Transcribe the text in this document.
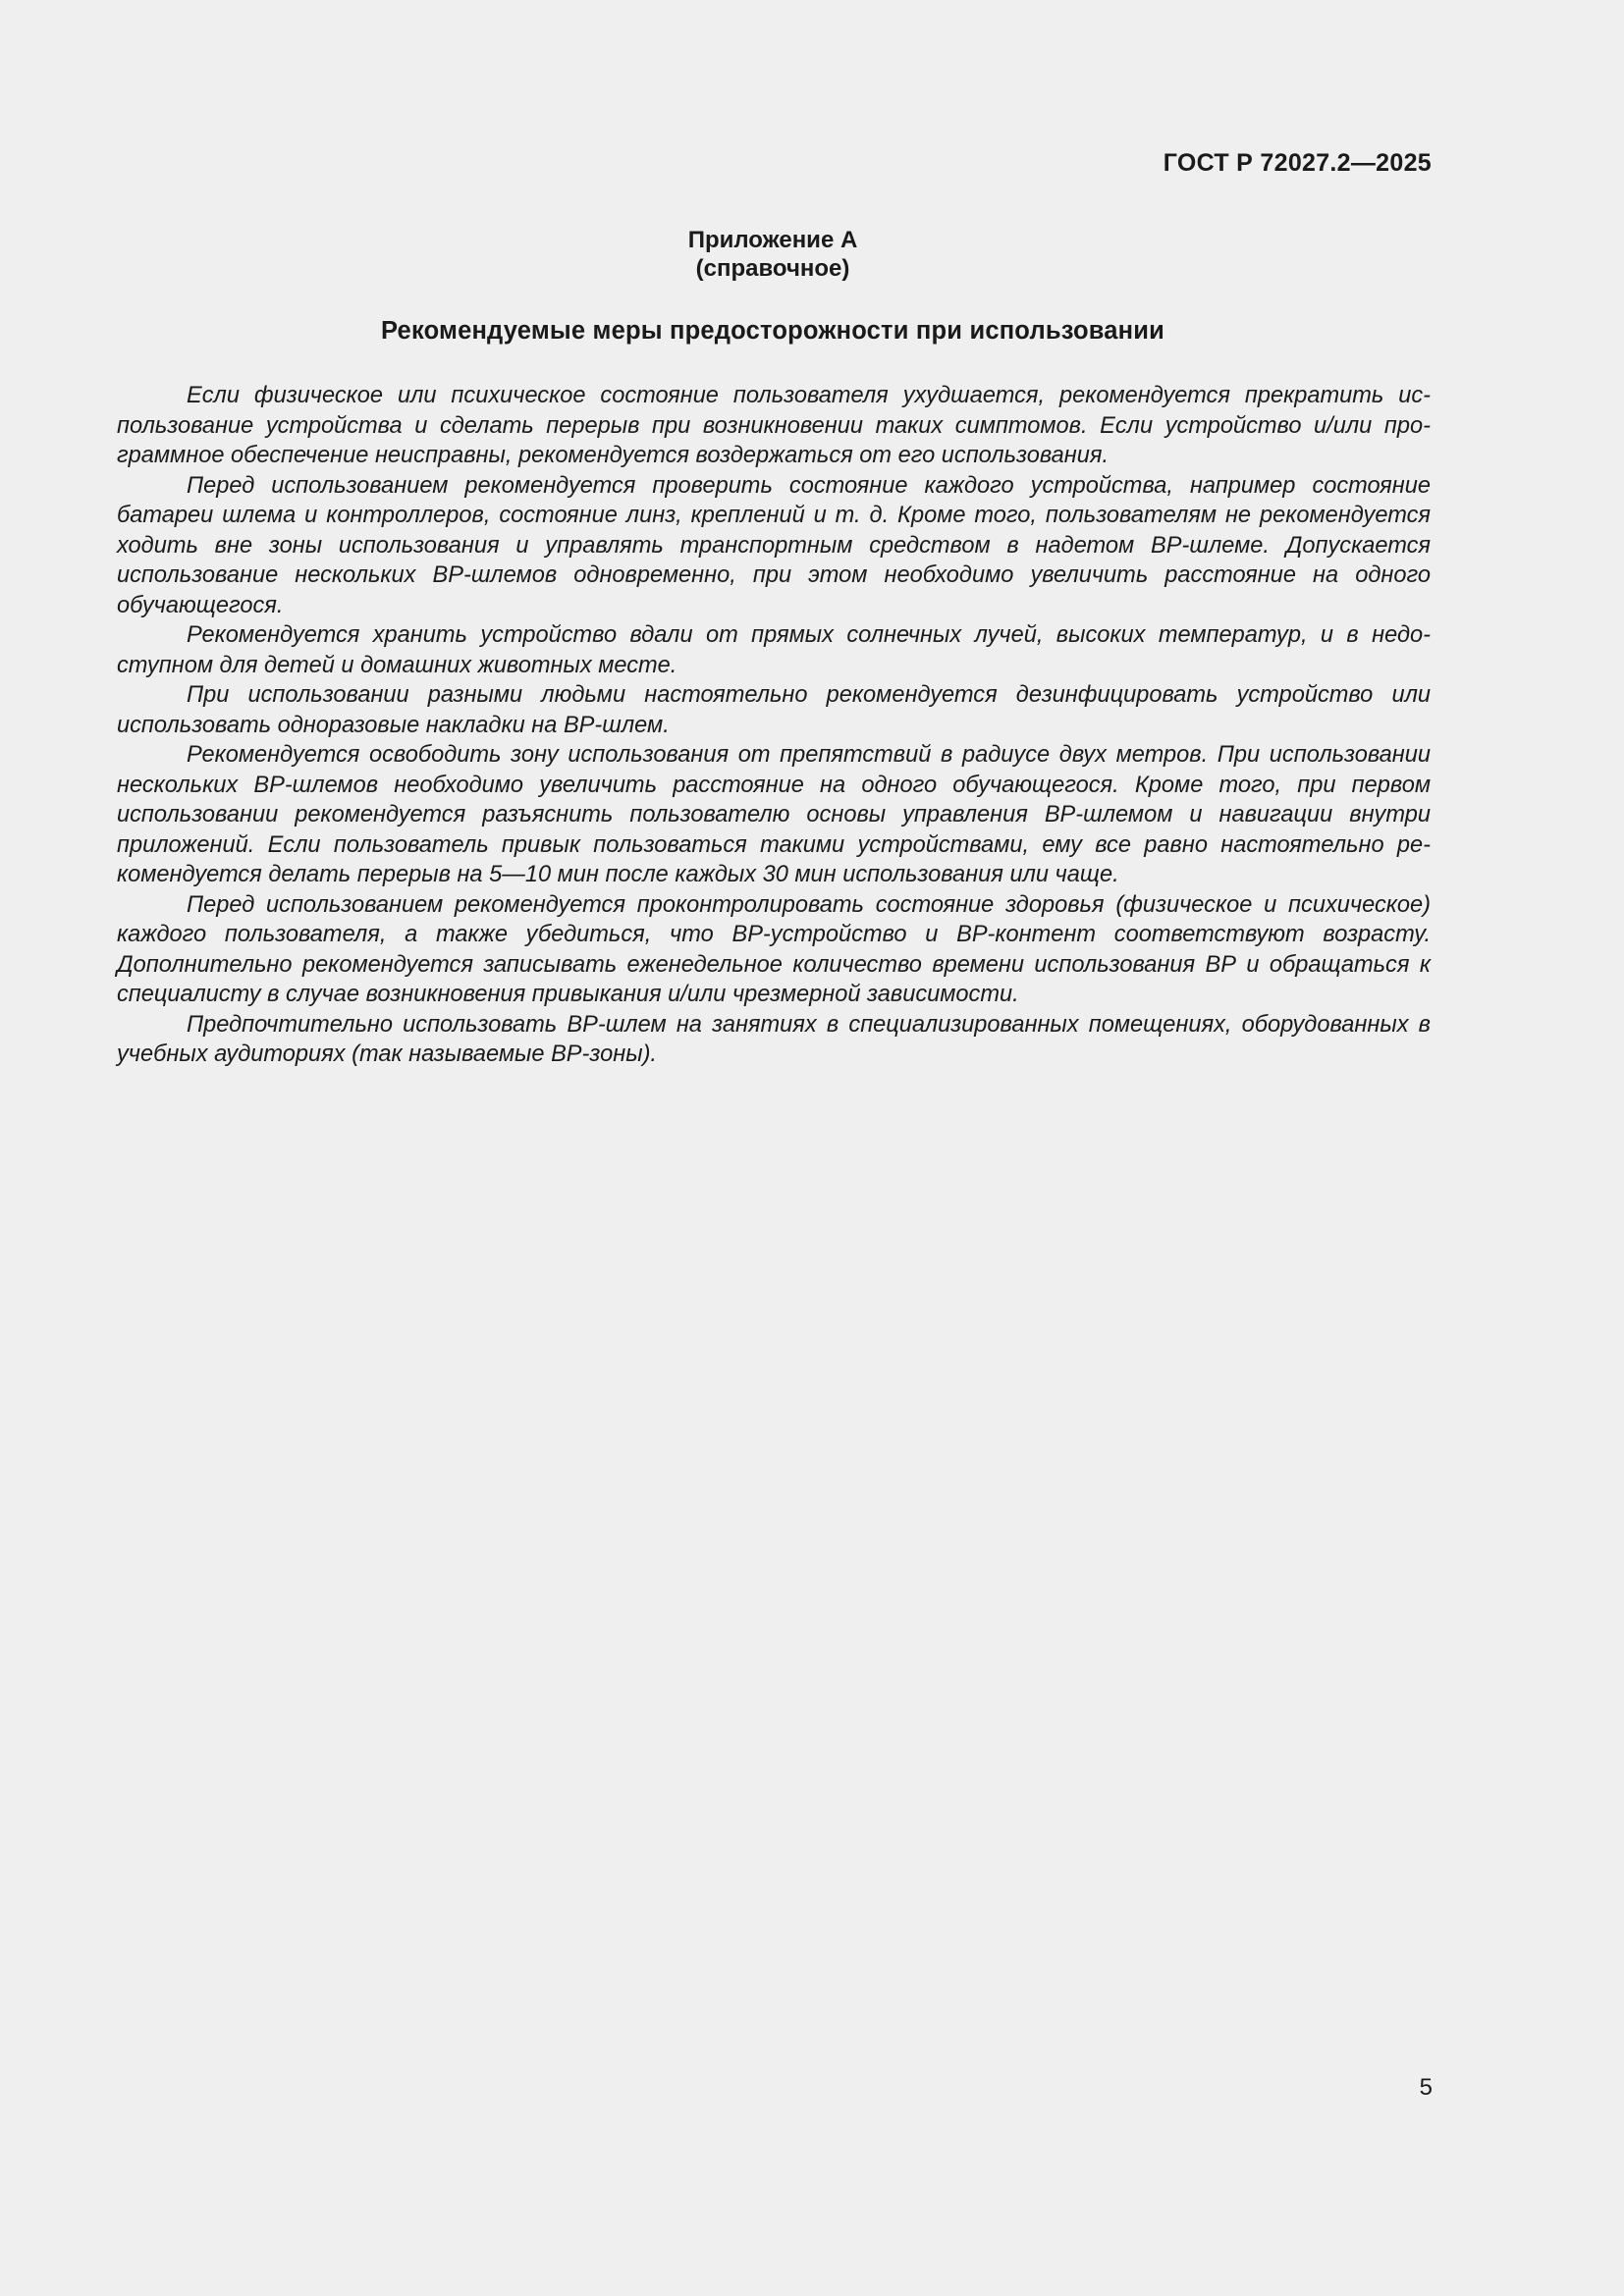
ГОСТ Р 72027.2—2025

Приложение А
(справочное)
Рекомендуемые меры предосторожности при использовании

Если физическое или психическое состояние пользователя ухудшается, рекомендуется прекратить использование устройства и сделать перерыв при возникновении таких симптомов. Если устройство и/или программное обеспечение неисправны, рекомендуется воздержаться от его использования.

Перед использованием рекомендуется проверить состояние каждого устройства, например состояние батареи шлема и контроллеров, состояние линз, креплений и т. д. Кроме того, пользователям не рекомендуется ходить вне зоны использования и управлять транспортным средством в надетом ВР-шлеме. Допускается использование нескольких ВР-шлемов одновременно, при этом необходимо увеличить расстояние на одного обучающегося.

Рекомендуется хранить устройство вдали от прямых солнечных лучей, высоких температур, и в недоступном для детей и домашних животных месте.

При использовании разными людьми настоятельно рекомендуется дезинфицировать устройство или использовать одноразовые накладки на ВР-шлем.

Рекомендуется освободить зону использования от препятствий в радиусе двух метров. При использовании нескольких ВР-шлемов необходимо увеличить расстояние на одного обучающегося. Кроме того, при первом использовании рекомендуется разъяснить пользователю основы управления ВР-шлемом и навигации внутри приложений. Если пользователь привык пользоваться такими устройствами, ему все равно настоятельно рекомендуется делать перерыв на 5—10 мин после каждых 30 мин использования или чаще.

Перед использованием рекомендуется проконтролировать состояние здоровья (физическое и психическое) каждого пользователя, а также убедиться, что ВР-устройство и ВР-контент соответствуют возрасту. Дополнительно рекомендуется записывать еженедельное количество времени использования ВР и обращаться к специалисту в случае возникновения привыкания и/или чрезмерной зависимости.

Предпочтительно использовать ВР-шлем на занятиях в специализированных помещениях, оборудованных в учебных аудиториях (так называемые ВР-зоны).

5
